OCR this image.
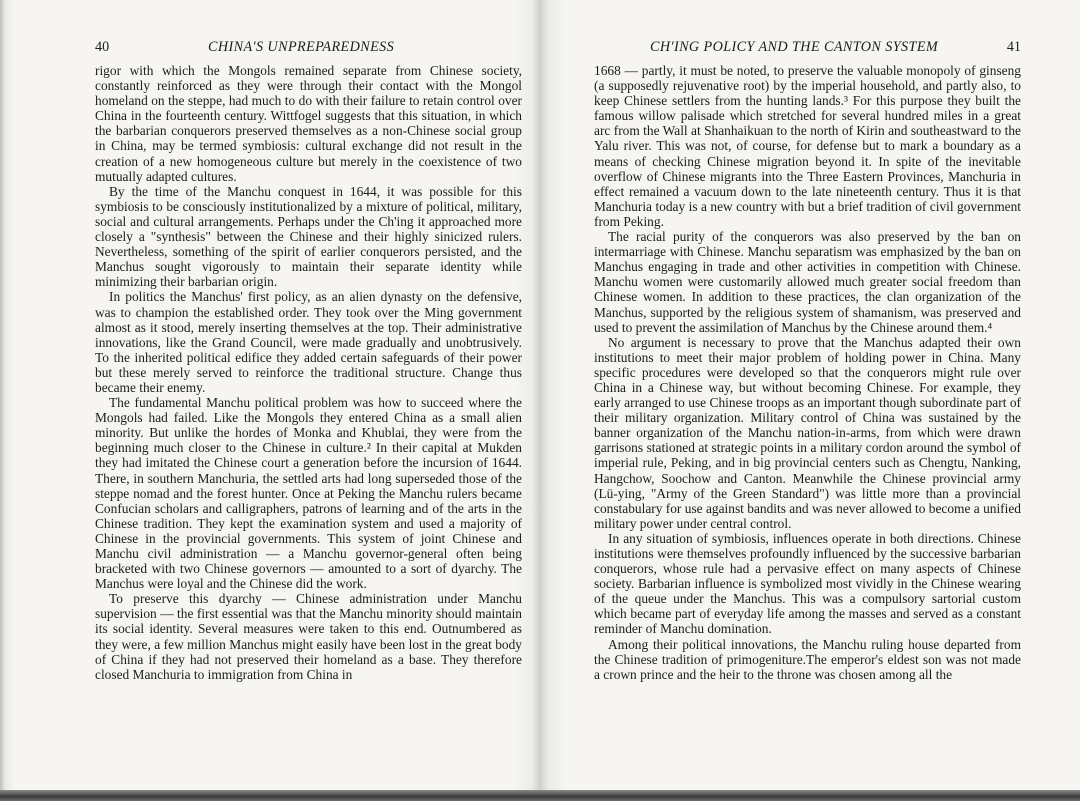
40	CHINA'S UNPREPAREDNESS

rigor with which the Mongols remained separate from Chinese society, constantly reinforced as they were through their contact with the Mongol homeland on the steppe, had much to do with their failure to retain control over China in the fourteenth century. Wittfogel suggests that this situation, in which the barbarian conquerors preserved themselves as a non-Chinese social group in China, may be termed symbiosis: cultural exchange did not result in the creation of a new homogeneous culture but merely in the coexistence of two mutually adapted cultures.

By the time of the Manchu conquest in 1644, it was possible for this symbiosis to be consciously institutionalized by a mixture of political, military, social and cultural arrangements. Perhaps under the Ch'ing it approached more closely a "synthesis" between the Chinese and their highly sinicized rulers. Nevertheless, something of the spirit of earlier conquerors persisted, and the Manchus sought vigorously to maintain their separate identity while minimizing their barbarian origin.

In politics the Manchus' first policy, as an alien dynasty on the defensive, was to champion the established order. They took over the Ming government almost as it stood, merely inserting themselves at the top. Their administrative innovations, like the Grand Council, were made gradually and unobtrusively. To the inherited political edifice they added certain safeguards of their power but these merely served to reinforce the traditional structure. Change thus became their enemy.

The fundamental Manchu political problem was how to succeed where the Mongols had failed. Like the Mongols they entered China as a small alien minority. But unlike the hordes of Monka and Khublai, they were from the beginning much closer to the Chinese in culture.² In their capital at Mukden they had imitated the Chinese court a generation before the incursion of 1644. There, in southern Manchuria, the settled arts had long superseded those of the steppe nomad and the forest hunter. Once at Peking the Manchu rulers became Confucian scholars and calligraphers, patrons of learning and of the arts in the Chinese tradition. They kept the examination system and used a majority of Chinese in the provincial governments. This system of joint Chinese and Manchu civil administration — a Manchu governor-general often being bracketed with two Chinese governors — amounted to a sort of dyarchy. The Manchus were loyal and the Chinese did the work.

To preserve this dyarchy — Chinese administration under Manchu supervision — the first essential was that the Manchu minority should maintain its social identity. Several measures were taken to this end. Outnumbered as they were, a few million Manchus might easily have been lost in the great body of China if they had not preserved their homeland as a base. They therefore closed Manchuria to immigration from China in

CH'ING POLICY AND THE CANTON SYSTEM	41

1668 — partly, it must be noted, to preserve the valuable monopoly of ginseng (a supposedly rejuvenative root) by the imperial household, and partly also, to keep Chinese settlers from the hunting lands.³ For this purpose they built the famous willow palisade which stretched for several hundred miles in a great arc from the Wall at Shanhaikuan to the north of Kirin and southeastward to the Yalu river. This was not, of course, for defense but to mark a boundary as a means of checking Chinese migration beyond it. In spite of the inevitable overflow of Chinese migrants into the Three Eastern Provinces, Manchuria in effect remained a vacuum down to the late nineteenth century. Thus it is that Manchuria today is a new country with but a brief tradition of civil government from Peking.

The racial purity of the conquerors was also preserved by the ban on intermarriage with Chinese. Manchu separatism was emphasized by the ban on Manchus engaging in trade and other activities in competition with Chinese. Manchu women were customarily allowed much greater social freedom than Chinese women. In addition to these practices, the clan organization of the Manchus, supported by the religious system of shamanism, was preserved and used to prevent the assimilation of Manchus by the Chinese around them.⁴

No argument is necessary to prove that the Manchus adapted their own institutions to meet their major problem of holding power in China. Many specific procedures were developed so that the conquerors might rule over China in a Chinese way, but without becoming Chinese. For example, they early arranged to use Chinese troops as an important though subordinate part of their military organization. Military control of China was sustained by the banner organization of the Manchu nation-in-arms, from which were drawn garrisons stationed at strategic points in a military cordon around the symbol of imperial rule, Peking, and in big provincial centers such as Chengtu, Nanking, Hangchow, Soochow and Canton. Meanwhile the Chinese provincial army (Lü-ying, "Army of the Green Standard") was little more than a provincial constabulary for use against bandits and was never allowed to become a unified military power under central control.

In any situation of symbiosis, influences operate in both directions. Chinese institutions were themselves profoundly influenced by the successive barbarian conquerors, whose rule had a pervasive effect on many aspects of Chinese society. Barbarian influence is symbolized most vividly in the Chinese wearing of the queue under the Manchus. This was a compulsory sartorial custom which became part of everyday life among the masses and served as a constant reminder of Manchu domination.

Among their political innovations, the Manchu ruling house departed from the Chinese tradition of primogeniture.The emperor's eldest son was not made a crown prince and the heir to the throne was chosen among all the
